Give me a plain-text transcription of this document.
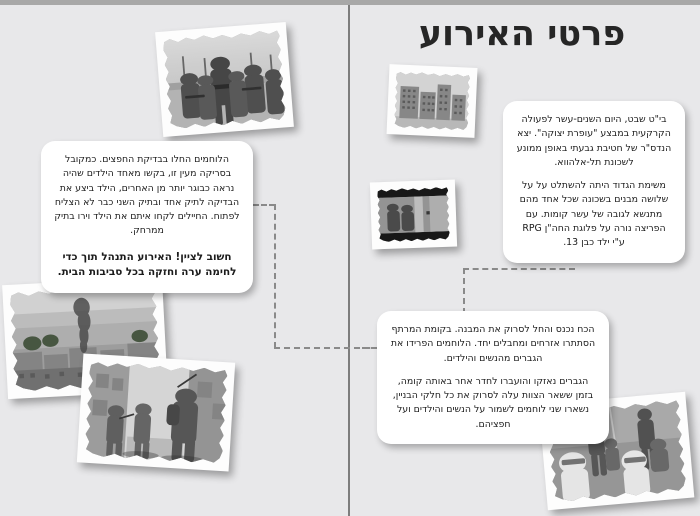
פרטי האירוע

הלוחמים החלו בבדיקת החפצים. כמקובל בסריקה מעין זו, בקשו מאחד הילדים שהיה נראה כבוגר יותר מן האחרים, הילד ביצע את הבדיקה לתיק אחד ובתיק השני כבר לא הצליח לפתוח. החיילים לקחו איתם את הילד וירו בתיק ממרחק.

חשוב לציין! האירוע התנהל תוך כדי לחימה ערה וחזקה בכל סביבות הבית.

בי"ט שבט, היום השנים-עשר לפעולה הקרקעית במבצע "עופרת יצוקה". יצא הנדס"ר של חטיבת גבעתי באופן ממונע לשכונת תל-אלהווא.

משימת הגדוד היתה להשתלט על על שלושה מבנים בשכונה שכל אחד מהם מתנשא לגובה של עשר קומות. עם הפריצה נורה על פלוגת החה"ן RPG ע"י ילד כבן 13.

הכח נכנס והחל לסרוק את המבנה. בקומת המרתף הסתתרו אזרחים ומחבלים יחד. הלוחמים הפרידו את הגברים מהנשים והילדים.

הגברים נאזקו והועברו לחדר אחר באותה קומה, בזמן ששאר הצוות עלה לסרוק את כל חלקי הבניין, נשארו שני לוחמים לשמור על הנשים והילדים ועל חפציהם.
